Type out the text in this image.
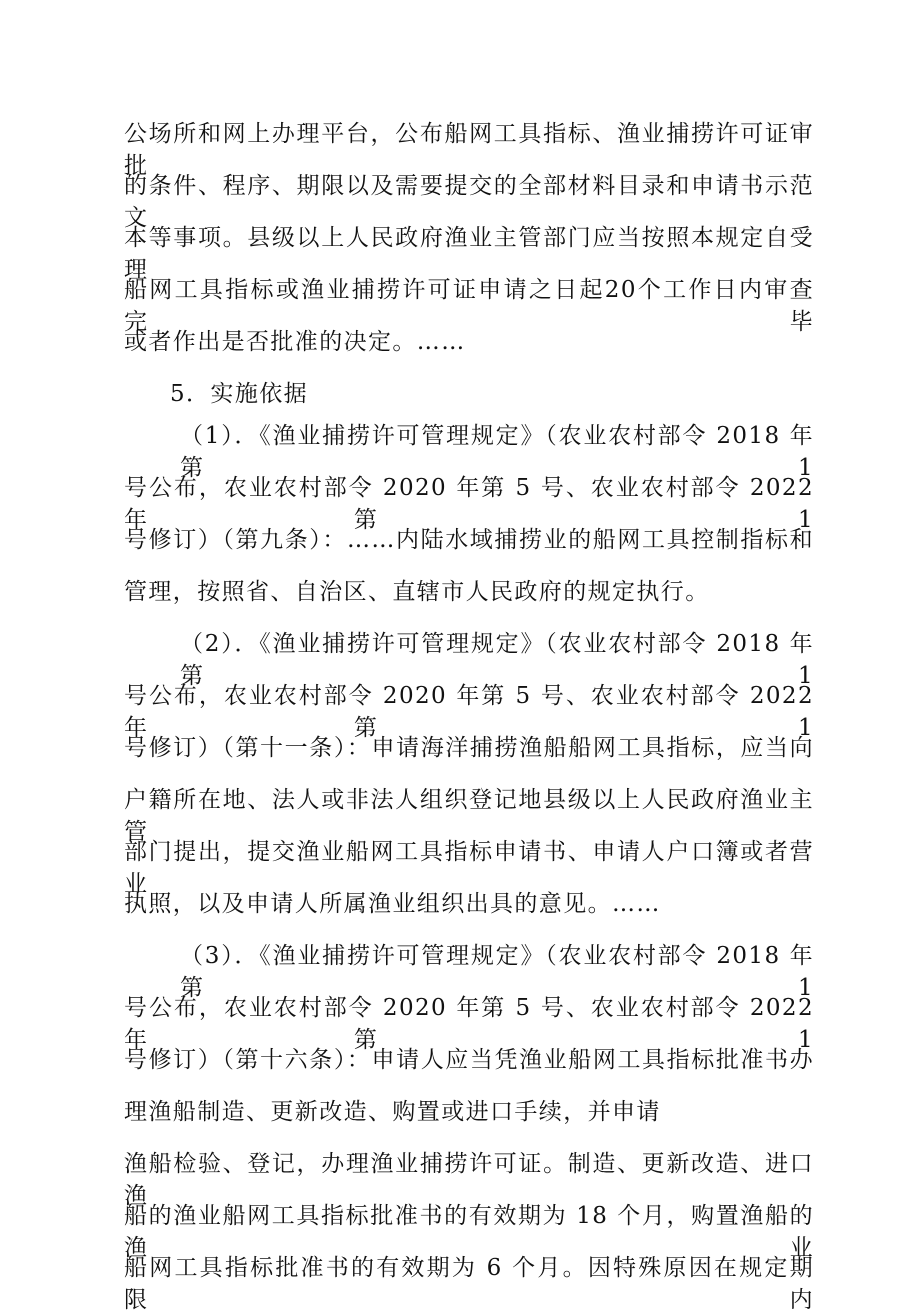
公场所和网上办理平台，公布船网工具指标、渔业捕捞许可证审批
的条件、程序、期限以及需要提交的全部材料目录和申请书示范文
本等事项。县级以上人民政府渔业主管部门应当按照本规定自受理
船网工具指标或渔业捕捞许可证申请之日起20个工作日内审查完毕
或者作出是否批准的决定。……
5．实施依据
（1）．《渔业捕捞许可管理规定》（农业农村部令 2018 年第 1
号公布，农业农村部令 2020 年第 5 号、农业农村部令 2022 年第 1
号修订）（第九条）：……内陆水域捕捞业的船网工具控制指标和
管理，按照省、自治区、直辖市人民政府的规定执行。
（2）．《渔业捕捞许可管理规定》（农业农村部令 2018 年第 1
号公布，农业农村部令 2020 年第 5 号、农业农村部令 2022 年第 1
号修订）（第十一条）：申请海洋捕捞渔船船网工具指标，应当向
户籍所在地、法人或非法人组织登记地县级以上人民政府渔业主管
部门提出，提交渔业船网工具指标申请书、申请人户口簿或者营业
执照，以及申请人所属渔业组织出具的意见。……
（3）．《渔业捕捞许可管理规定》（农业农村部令 2018 年第 1
号公布，农业农村部令 2020 年第 5 号、农业农村部令 2022 年第 1
号修订）（第十六条）：申请人应当凭渔业船网工具指标批准书办
理渔船制造、更新改造、购置或进口手续，并申请
渔船检验、登记，办理渔业捕捞许可证。制造、更新改造、进口渔
船的渔业船网工具指标批准书的有效期为 18 个月，购置渔船的渔业
船网工具指标批准书的有效期为 6 个月。因特殊原因在规定期限内
